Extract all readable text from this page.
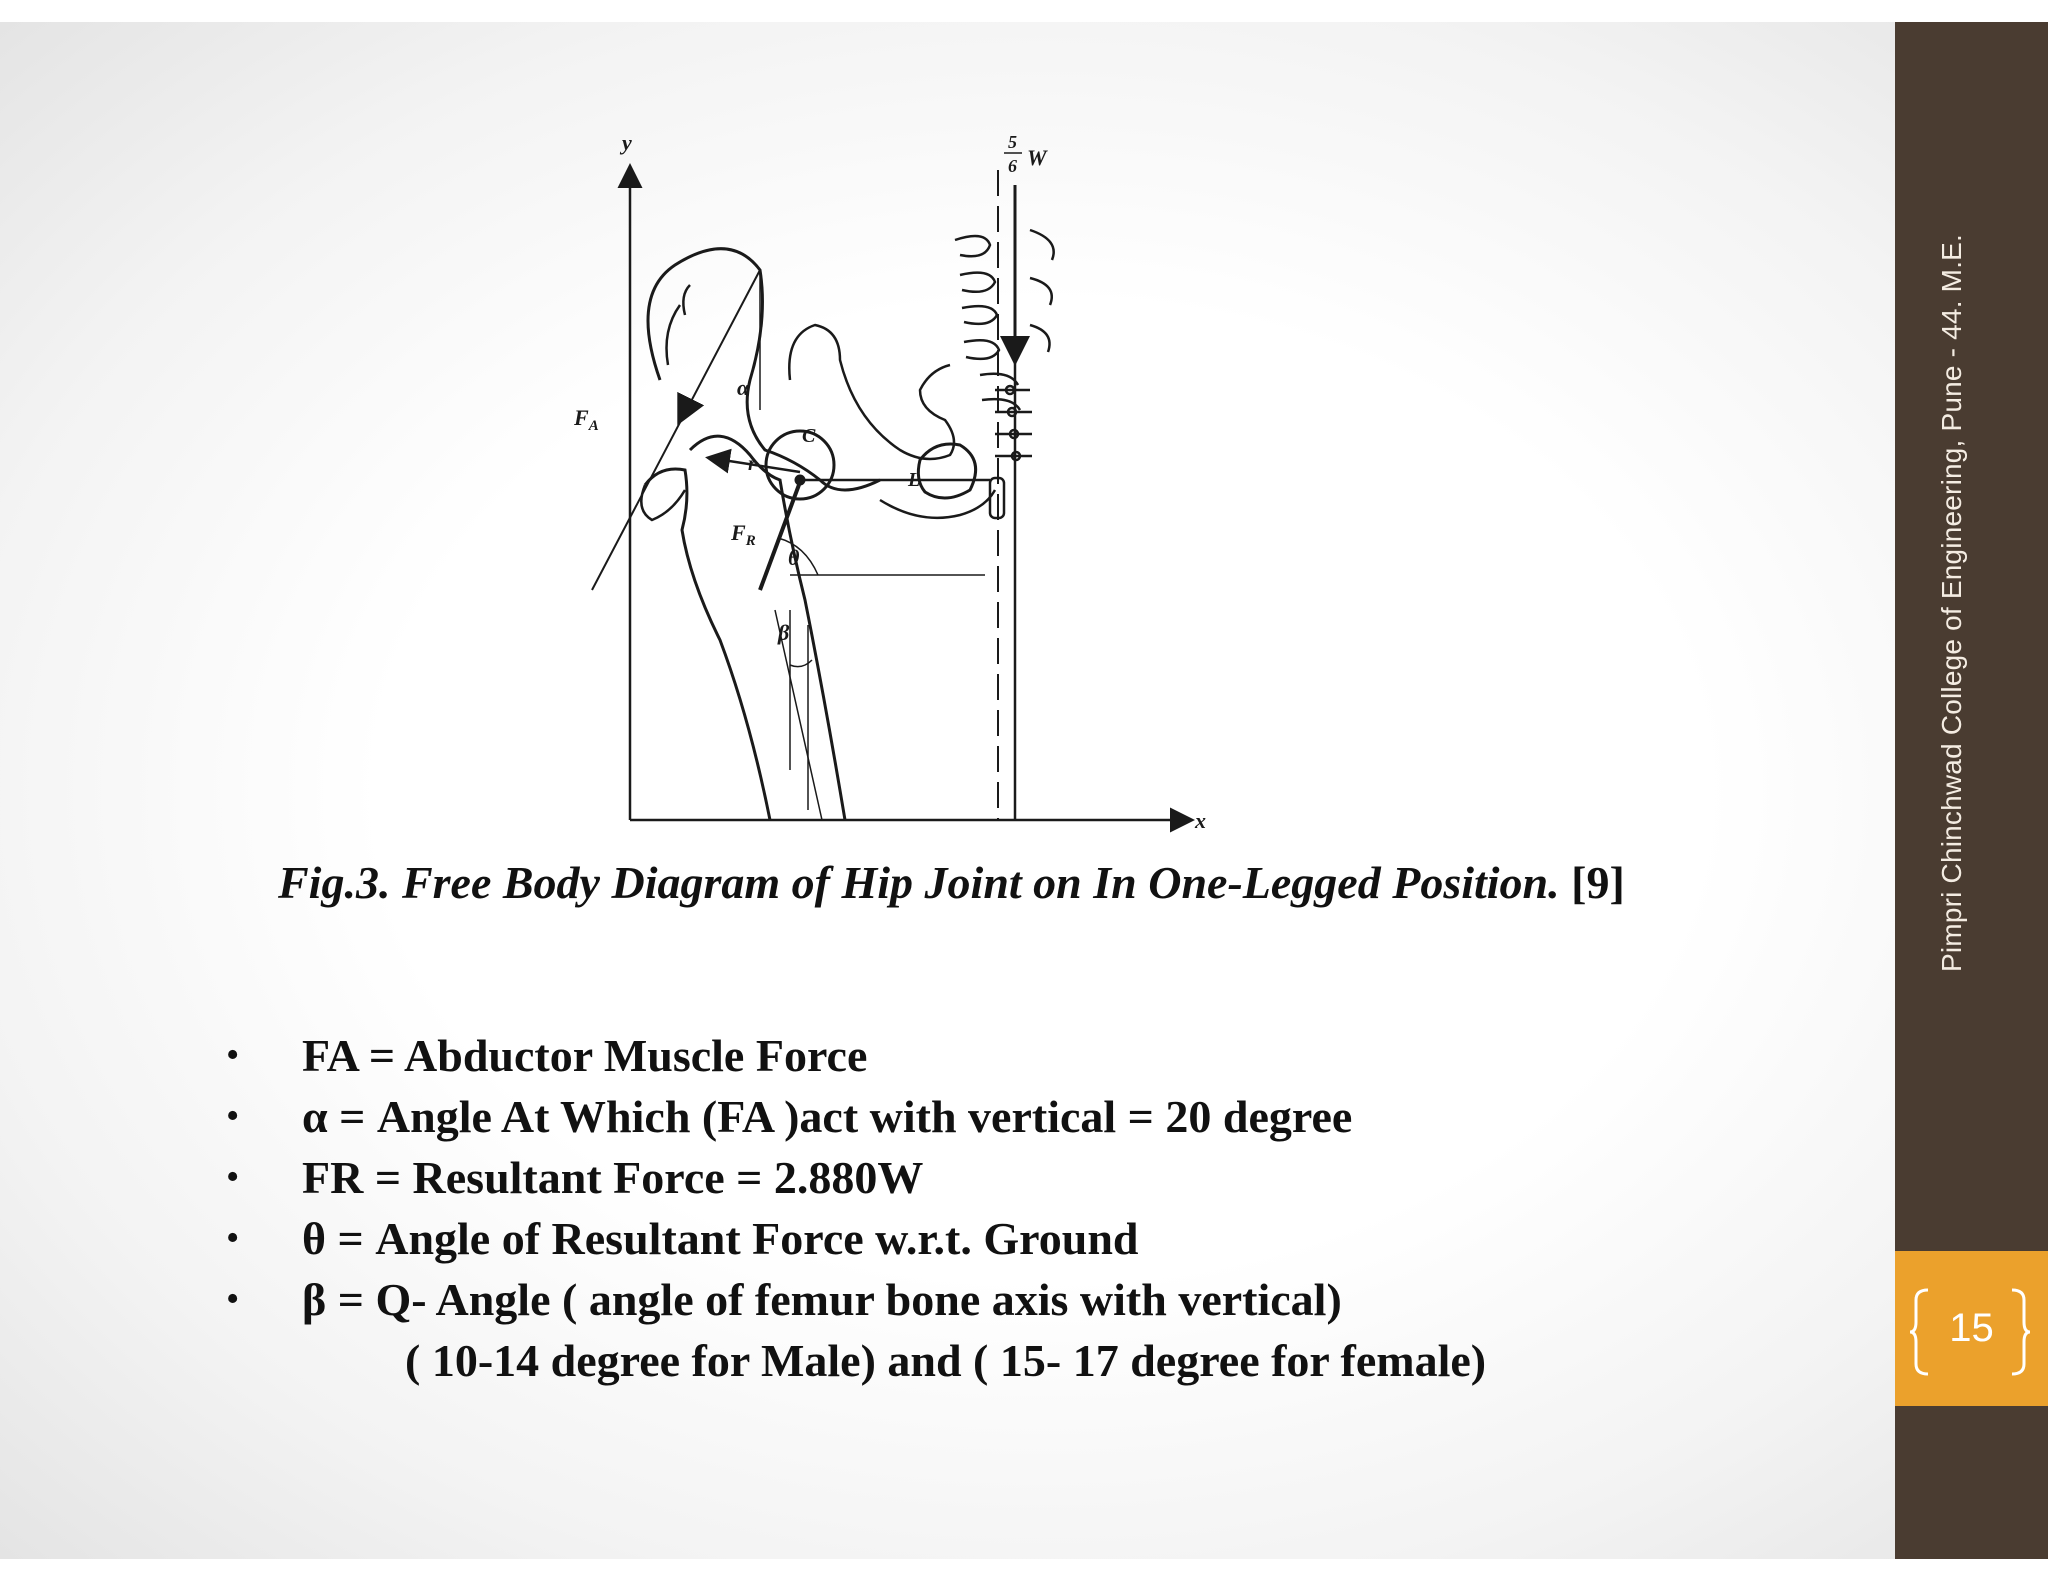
Pimpri Chinchwad College of Engineering, Pune - 44. M.E.
15
y
x
5
6 W
α
$F_A$	C
r
L
$F_R$
θ
β
Fig.3. Free Body Diagram of Hip Joint on In One-Legged Position. [9]
• FA = Abductor Muscle Force
• α = Angle At Which (FA )act with vertical = 20 degree
• FR = Resultant Force = 2.880W
• θ = Angle of Resultant Force w.r.t. Ground
• β = Q- Angle ( angle of femur bone axis with vertical)
( 10-14 degree for Male) and ( 15- 17 degree for female)
